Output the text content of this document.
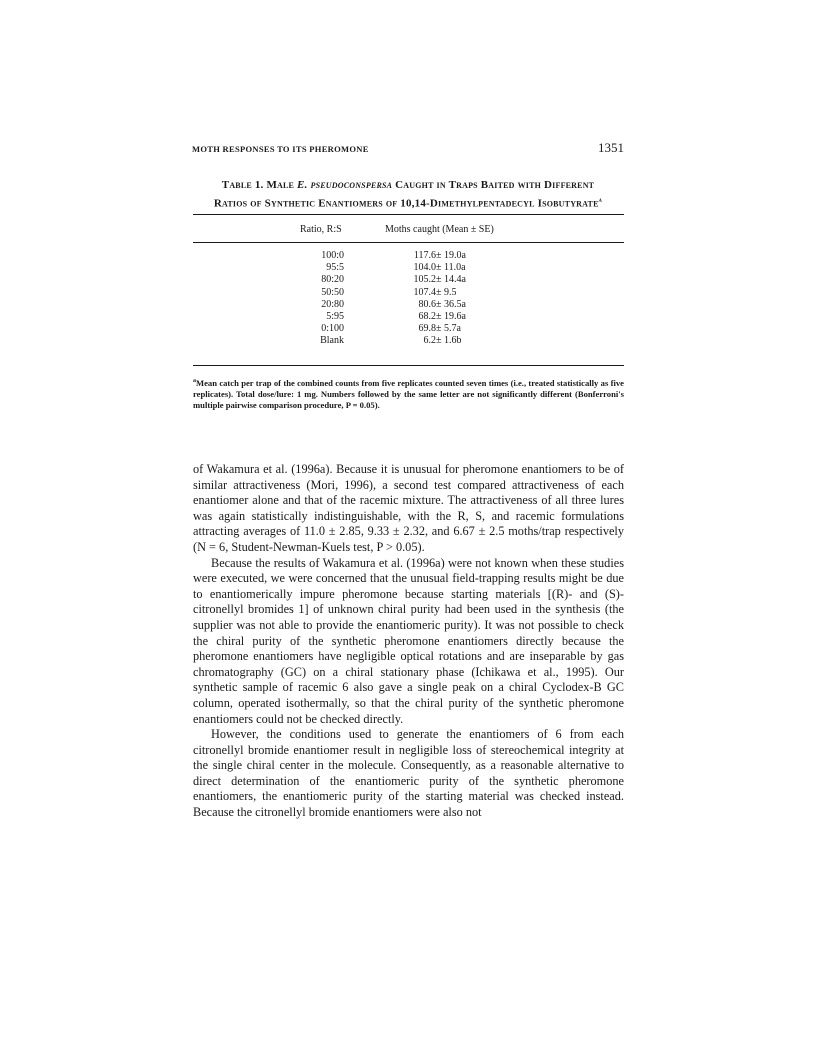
MOTH RESPONSES TO ITS PHEROMONE	1351
Table 1. Male E. pseudoconspersa Caught in Traps Baited with Different
Ratios of Synthetic Enantiomers of 10,14-Dimethylpentadecyl Isobutyrate$^a$
Ratio, R:S	Moths caught (Mean ± SE)
100:0	117.6 ± 19.0a
95:5	104.0 ± 11.0a
80:20	105.2 ± 14.4a
50:50	107.4 ± 9.5
20:80	80.6 ± 36.5a
5:95	68.2 ± 19.6a
0:100	69.8 ± 5.7a
Blank	6.2 ± 1.6b
$^a$Mean catch per trap of the combined counts from five replicates counted seven times (i.e., treated statistically as five replicates). Total dose/lure: 1 mg. Numbers followed by the same letter are not significantly different (Bonferroni's multiple pairwise comparison procedure, P = 0.05).

of Wakamura et al. (1996a). Because it is unusual for pheromone enantiomers to be of similar attractiveness (Mori, 1996), a second test compared attractiveness of each enantiomer alone and that of the racemic mixture. The attractiveness of all three lures was again statistically indistinguishable, with the R, S, and racemic formulations attracting averages of 11.0 ± 2.85, 9.33 ± 2.32, and 6.67 ± 2.5 moths/trap respectively (N = 6, Student-Newman-Kuels test, P > 0.05).

Because the results of Wakamura et al. (1996a) were not known when these studies were executed, we were concerned that the unusual field-trapping results might be due to enantiomerically impure pheromone because starting materials [(R)- and (S)-citronellyl bromides 1] of unknown chiral purity had been used in the synthesis (the supplier was not able to provide the enantiomeric purity). It was not possible to check the chiral purity of the synthetic pheromone enantiomers directly because the pheromone enantiomers have negligible optical rotations and are inseparable by gas chromatography (GC) on a chiral stationary phase (Ichikawa et al., 1995). Our synthetic sample of racemic 6 also gave a single peak on a chiral Cyclodex-B GC column, operated isothermally, so that the chiral purity of the synthetic pheromone enantiomers could not be checked directly.

However, the conditions used to generate the enantiomers of 6 from each citronellyl bromide enantiomer result in negligible loss of stereochemical integrity at the single chiral center in the molecule. Consequently, as a reasonable alternative to direct determination of the enantiomeric purity of the synthetic pheromone enantiomers, the enantiomeric purity of the starting material was checked instead. Because the citronellyl bromide enantiomers were also not
